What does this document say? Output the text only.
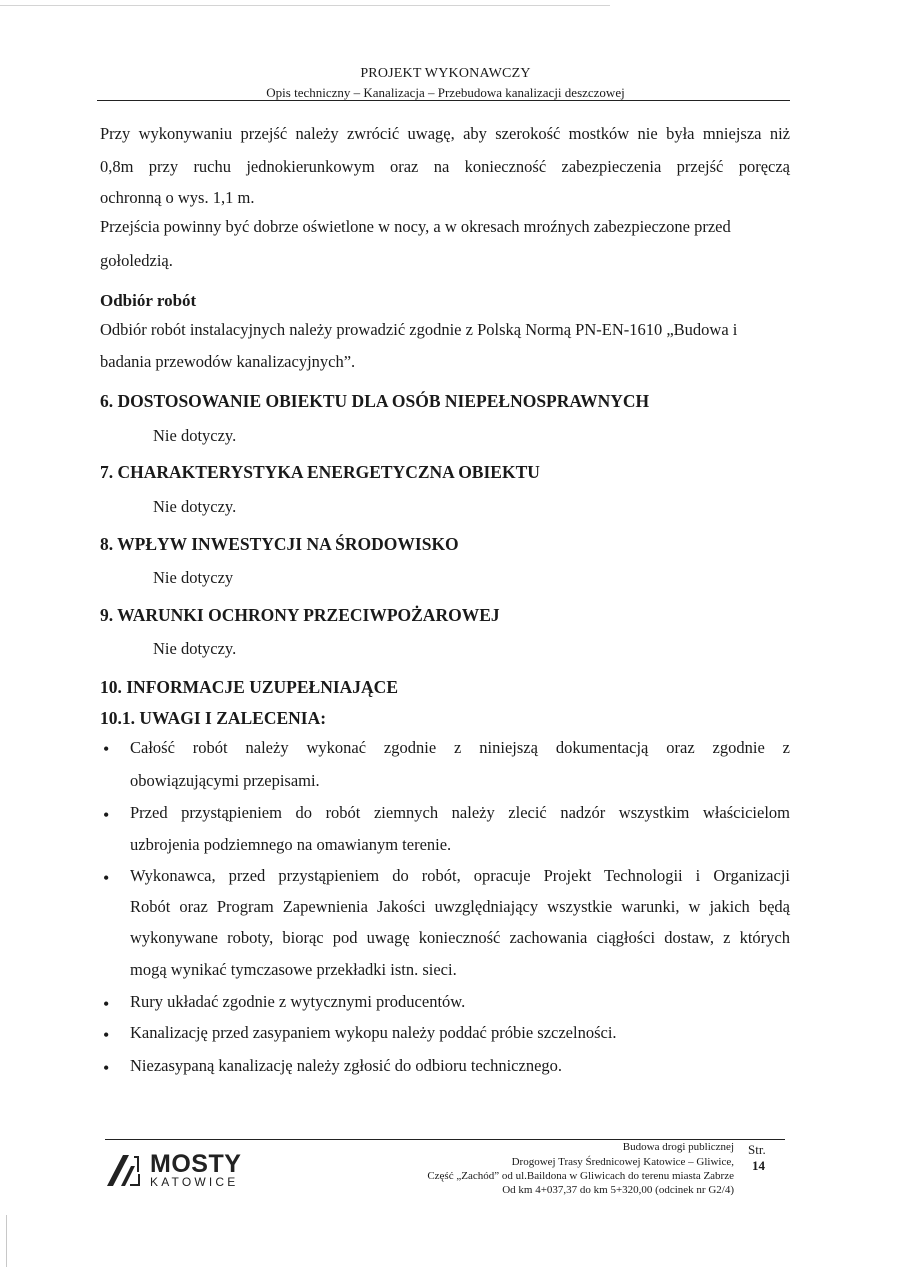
PROJEKT WYKONAWCZY
Opis techniczny – Kanalizacja – Przebudowa kanalizacji deszczowej

Przy wykonywaniu przejść należy zwrócić uwagę, aby szerokość mostków nie była mniejsza niż

0,8m przy ruchu jednokierunkowym oraz na konieczność zabezpieczenia przejść poręczą

ochronną o wys. 1,1 m.

Przejścia powinny być dobrze oświetlone w nocy, a w okresach mroźnych zabezpieczone przed

gołoledzią.

Odbiór robót

Odbiór robót instalacyjnych należy prowadzić zgodnie z Polską Normą PN-EN-1610 „Budowa i

badania przewodów kanalizacyjnych”.

6. DOSTOSOWANIE OBIEKTU DLA OSÓB NIEPEŁNOSPRAWNYCH

Nie dotyczy.

7. CHARAKTERYSTYKA ENERGETYCZNA OBIEKTU

Nie dotyczy.

8. WPŁYW INWESTYCJI NA ŚRODOWISKO

Nie dotyczy

9. WARUNKI OCHRONY PRZECIWPOŻAROWEJ

Nie dotyczy.

10. INFORMACJE UZUPEŁNIAJĄCE

10.1. UWAGI I ZALECENIA:

• Całość robót należy wykonać zgodnie z niniejszą dokumentacją oraz zgodnie z

obowiązującymi przepisami.

• Przed przystąpieniem do robót ziemnych należy zlecić nadzór wszystkim właścicielom

uzbrojenia podziemnego na omawianym terenie.

• Wykonawca, przed przystąpieniem do robót, opracuje Projekt Technologii i Organizacji

Robót oraz Program Zapewnienia Jakości uwzględniający wszystkie warunki, w jakich będą

wykonywane roboty, biorąc pod uwagę konieczność zachowania ciągłości dostaw, z których

mogą wynikać tymczasowe przekładki istn. sieci.

• Rury układać zgodnie z wytycznymi producentów.

• Kanalizację przed zasypaniem wykopu należy poddać próbie szczelności.

• Niezasypaną kanalizację należy zgłosić do odbioru technicznego.

MOSTY
KATOWICE
Budowa drogi publicznej
Drogowej Trasy Średnicowej Katowice – Gliwice,
Część „Zachód” od ul.Baildona w Gliwicach do terenu miasta Zabrze
Od km 4+037,37 do km 5+320,00 (odcinek nr G2/4)
Str.
14
